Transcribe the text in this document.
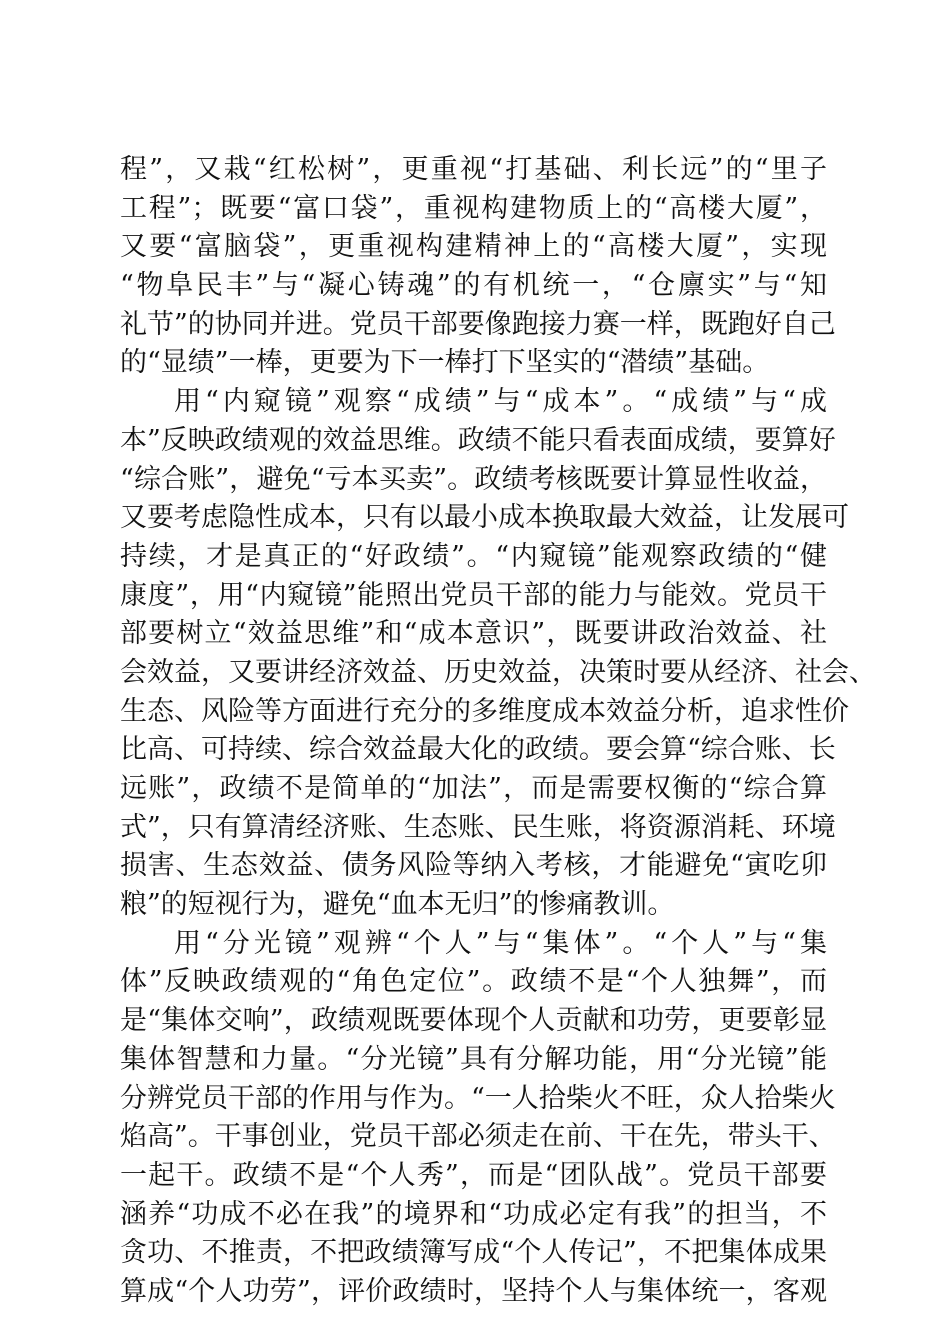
程”，又栽“红松树”，更重视“打基础、利长远”的“里子
工程”；既要“富口袋”，重视构建物质上的“高楼大厦”，
又要“富脑袋”，更重视构建精神上的“高楼大厦”，实现
“物阜民丰”与“凝心铸魂”的有机统一，“仓廪实”与“知
礼节”的协同并进。党员干部要像跑接力赛一样，既跑好自己
的“显绩”一棒，更要为下一棒打下坚实的“潜绩”基础。
用“内窥镜”观察“成绩”与“成本”。“成绩”与“成
本”反映政绩观的效益思维。政绩不能只看表面成绩，要算好
“综合账”，避免“亏本买卖”。政绩考核既要计算显性收益，
又要考虑隐性成本，只有以最小成本换取最大效益，让发展可
持续，才是真正的“好政绩”。“内窥镜”能观察政绩的“健
康度”，用“内窥镜”能照出党员干部的能力与能效。党员干
部要树立“效益思维”和“成本意识”，既要讲政治效益、社
会效益，又要讲经济效益、历史效益，决策时要从经济、社会、
生态、风险等方面进行充分的多维度成本效益分析，追求性价
比高、可持续、综合效益最大化的政绩。要会算“综合账、长
远账”，政绩不是简单的“加法”，而是需要权衡的“综合算
式”，只有算清经济账、生态账、民生账，将资源消耗、环境
损害、生态效益、债务风险等纳入考核，才能避免“寅吃卯
粮”的短视行为，避免“血本无归”的惨痛教训。
用“分光镜”观辨“个人”与“集体”。“个人”与“集
体”反映政绩观的“角色定位”。政绩不是“个人独舞”，而
是“集体交响”，政绩观既要体现个人贡献和功劳，更要彰显
集体智慧和力量。“分光镜”具有分解功能，用“分光镜”能
分辨党员干部的作用与作为。“一人拾柴火不旺，众人拾柴火
焰高”。干事创业，党员干部必须走在前、干在先，带头干、
一起干。政绩不是“个人秀”，而是“团队战”。党员干部要
涵养“功成不必在我”的境界和“功成必定有我”的担当，不
贪功、不推责，不把政绩簿写成“个人传记”，不把集体成果
算成“个人功劳”，评价政绩时，坚持个人与集体统一，客观
